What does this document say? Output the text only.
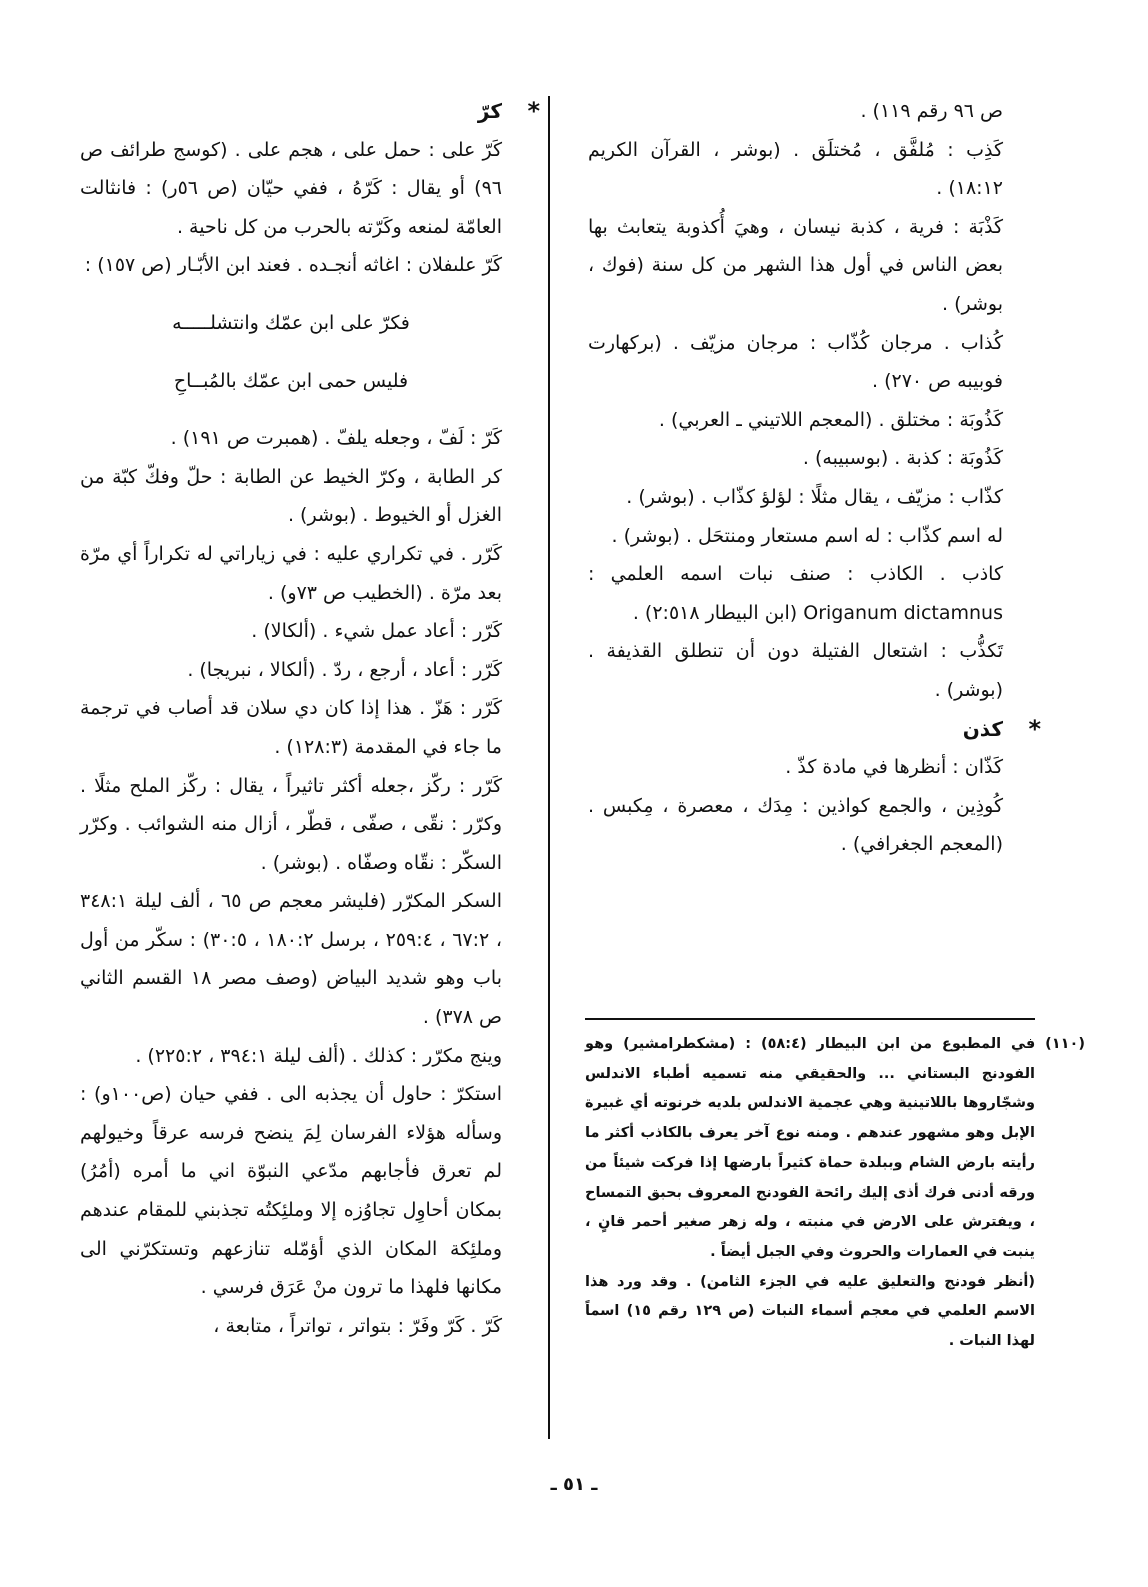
ص ٩٦ رقم ١١٩) .

كَذِب : مُلفَّق ، مُختلَق . (بوشر ، القرآن الكريم ١٨:١٢) .

كَذْبَة : فرية ، كذبة نيسان ، وهيَ أُكذوبة يتعابث بها بعض الناس في أول هذا الشهر من كل سنة (فوك ، بوشر) .

كُذاب . مرجان كُذّاب : مرجان مزيّف . (بركهارت فوبيبه ص ٢٧٠) .

كَذُوبَة : مختلق . (المعجم اللاتيني ـ العربي) .

كَذُوبَة : كذبة . (بوسبيبه) .

كذّاب : مزيّف ، يقال مثلًا : لؤلؤ كذّاب . (بوشر) .

له اسم كذّاب : له اسم مستعار ومنتحَل . (بوشر) .

كاذب . الكاذب : صنف نبات اسمه العلمي : Origanum dictamnus (ابن البيطار ٢:٥١٨) .

تَكذُّب : اشتعال الفتيلة دون أن تنطلق القذيفة . (بوشر) .

*
كذن

كَذّان : أنظرها في مادة كذّ .

كُوذِين ، والجمع كواذين : مِدَك ، معصرة ، مِكبس . (المعجم الجغرافي) .

*
كرّ

كَرّ على : حمل على ، هجم على . (كوسج طرائف ص ٩٦) أو يقال : كَرّهُ ، ففي حيّان (ص ٥٦ر) : فانثالت العامّة لمنعه وكَرّته بالحرب من كل ناحية .

كَرّ علىفلان : اغاثه أنجـده . فعند ابن الأبّـار (ص ١٥٧) :

فكرّ على ابن عمّك وانتشلـــــه

فليس حمى ابن عمّك بالمُبــاحِ

كَرّ : لَفّ ، وجعله يلفّ . (همبرت ص ١٩١) .

كر الطابة ، وكرّ الخيط عن الطابة : حلّ وفكّ كبّة من الغزل أو الخيوط . (بوشر) .

كَرّر . في تكراري عليه : في زياراتي له تكراراً أي مرّة بعد مرّة . (الخطيب ص ٧٣و) .

كَرّر : أعاد عمل شيء . (ألكالا) .

كَرّر : أعاد ، أرجع ، ردّ . (ألكالا ، نبريجا) .

كَرّر : هَزّ . هذا إذا كان دي سلان قد أصاب في ترجمة ما جاء في المقدمة (١٢٨:٣) .

كَرّر : ركّز ،جعله أكثر تاثيراً ، يقال : ركّز الملح مثلًا . وكرّر : نقّى ، صفّى ، قطّر ، أزال منه الشوائب . وكرّر السكّر : نقّاه وصفّاه . (بوشر) .

السكر المكرّر (فليشر معجم ص ٦٥ ، ألف ليلة ٣٤٨:١ ، ٦٧:٢ ، ٢٥٩:٤ ، برسل ١٨٠:٢ ، ٣٠:٥) : سكّر من أول باب وهو شديد البياض (وصف مصر ١٨ القسم الثاني ص ٣٧٨) .

وينج مكرّر : كذلك . (ألف ليلة ٣٩٤:١ ، ٢٢٥:٢) .

استكرّ : حاول أن يجذبه الى . ففي حيان (ص١٠٠و) : وسأله هؤلاء الفرسان لِمَ ينضح فرسه عرقاً وخيولهم لم تعرق فأجابهم مدّعي النبوّة اني ما أمره (أمُرُ) بمكان أحاوِل تجاوُزه إلا وملئِكتُه تجذبني للمقام عندهم وملئِكة المكان الذي أؤمّله تنازعهم وتستكرّني الى مكانها فلهذا ما ترون منْ عَرَق فرسي .

كَرّ . كَرّ وفَرّ : بتواتر ، تواتراً ، متابعة ،

(١١٠) في المطبوع من ابن البيطار (٥٨:٤) : (مشكطرامشير) وهو الفودنج البستاني ... والحقيقي منه تسميه أطباء الاندلس وشجّاروها باللاتينية وهي عجمية الاندلس بلديه خرنوته أي غبيرة الإبل وهو مشهور عندهم . ومنه نوع آخر يعرف بالكاذب أكثر ما رأيته بارض الشام وببلدة حماة كثيراً بارضها إذا فركت شيئاً من ورقه أدنى فرك أذى إليك رائحة الفودنج المعروف بحبق التمساح ، ويفترش على الارض في منبته ، وله زهر صغير أحمر قانٍ ، ينبت في العمارات والحروث وفي الجبل أيضاً .
(أنظر فودنج والتعليق عليه في الجزء الثامن) . وقد ورد هذا الاسم العلمي في معجم أسماء النبات (ص ١٢٩ رقم ١٥) اسماً لهذا النبات .
ـ ٥١ ـ
